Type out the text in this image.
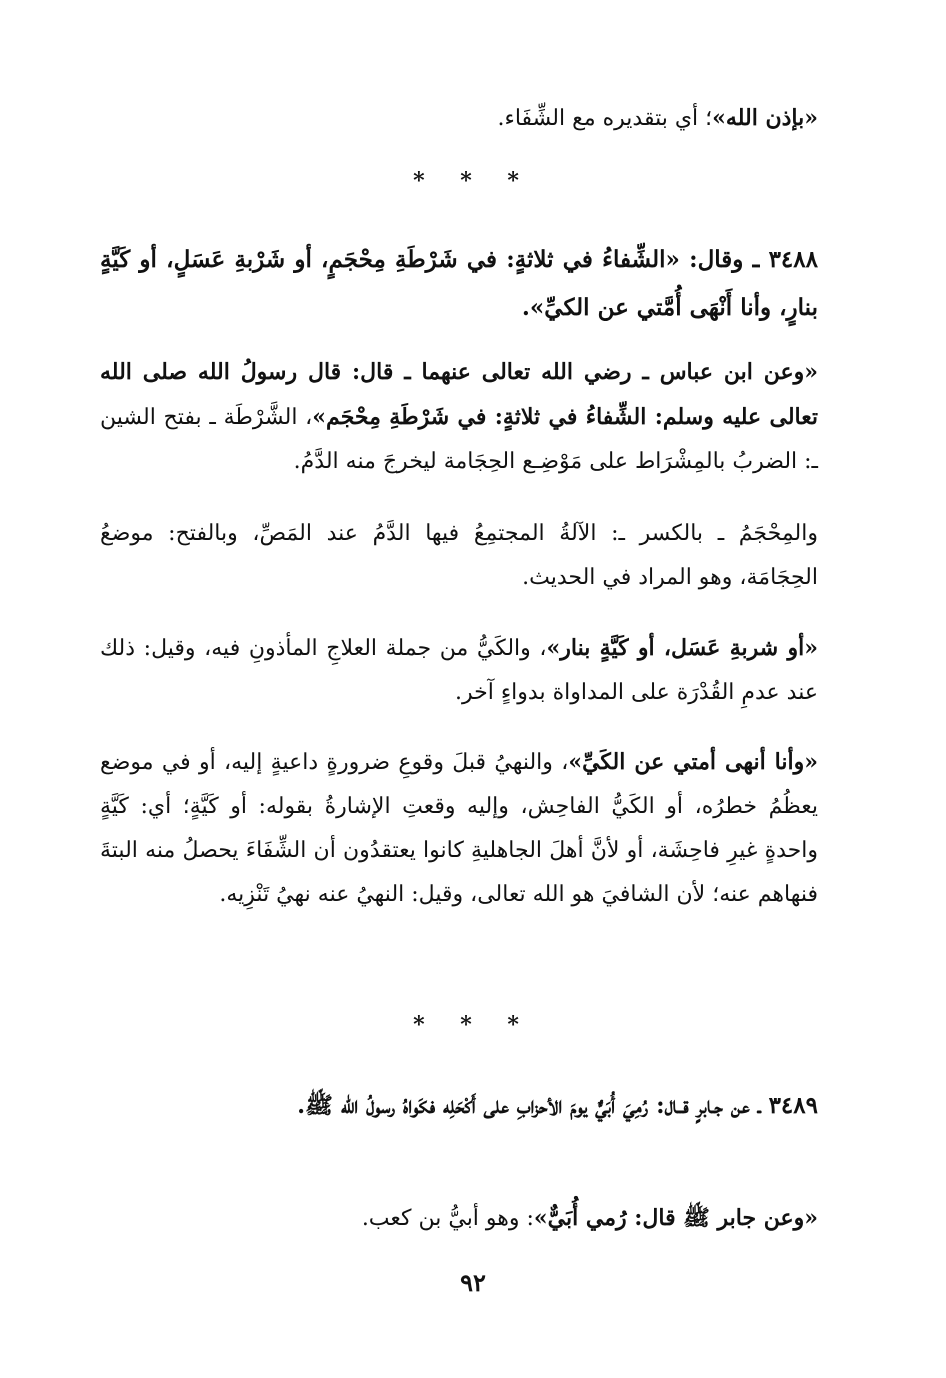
«بإذن الله»؛ أي بتقديره مع الشِّفَاء.
* * *
٣٤٨٨ ـ وقال: «الشِّفاءُ في ثلاثةٍ: في شَرْطَةِ مِحْجَمٍ، أو شَرْبةِ عَسَلٍ، أو كَيَّةٍ بنارٍ، وأنا أَنْهَى أُمَّتي عن الكيِّ».
«وعن ابن عباس ـ رضي الله تعالى عنهما ـ قال: قال رسولُ الله صلى الله تعالى عليه وسلم: الشِّفاءُ في ثلاثةٍ: في شَرْطَةِ مِحْجَم»، الشَّرْطَة ـ بفتح الشين ـ: الضربُ بالمِشْرَاط على مَوْضِـع الحِجَامة ليخرجَ منه الدَّمُ.
والمِحْجَمُ ـ بالكسر ـ: الآلةُ المجتمِعُ فيها الدَّمُ عند المَصِّ، وبالفتح: موضعُ الحِجَامَة، وهو المراد في الحديث.
«أو شربةِ عَسَل، أو كَيَّةٍ بنار»، والكَيُّ من جملة العلاجِ المأذونِ فيه، وقيل: ذلك عند عدمِ القُدْرَة على المداواة بدواءٍ آخر.
«وأنا أنهى أمتي عن الكَيِّ»، والنهيُ قبلَ وقوعِ ضرورةٍ داعيةٍ إليه، أو في موضع يعظُمُ خطرُه، أو الكَيُّ الفاحِش، وإليه وقعتِ الإشارةُ بقوله: أو كَيَّةٍ؛ أي: كَيَّةٍ واحدةٍ غيرِ فاحِشَة، أو لأنَّ أهلَ الجاهليةِ كانوا يعتقدُون أن الشِّفَاءَ يحصلُ منه البتةَ فنهاهم عنه؛ لأن الشافيَ هو الله تعالى، وقيل: النهيُ عنه نهيُ تَنْزِيه.
* * *
٣٤٨٩ ـ عن جـابرٍ قــال: رُمِيَ أُبَيٌّ يومَ الأحزابِ على أَكْحَلِه فكَواهُ رسولُ الله ﷺ.
«وعن جابر ﷺ قال: رُمي أُبَيٌّ»: وهو أبيُّ بن كعب.
٩٢
